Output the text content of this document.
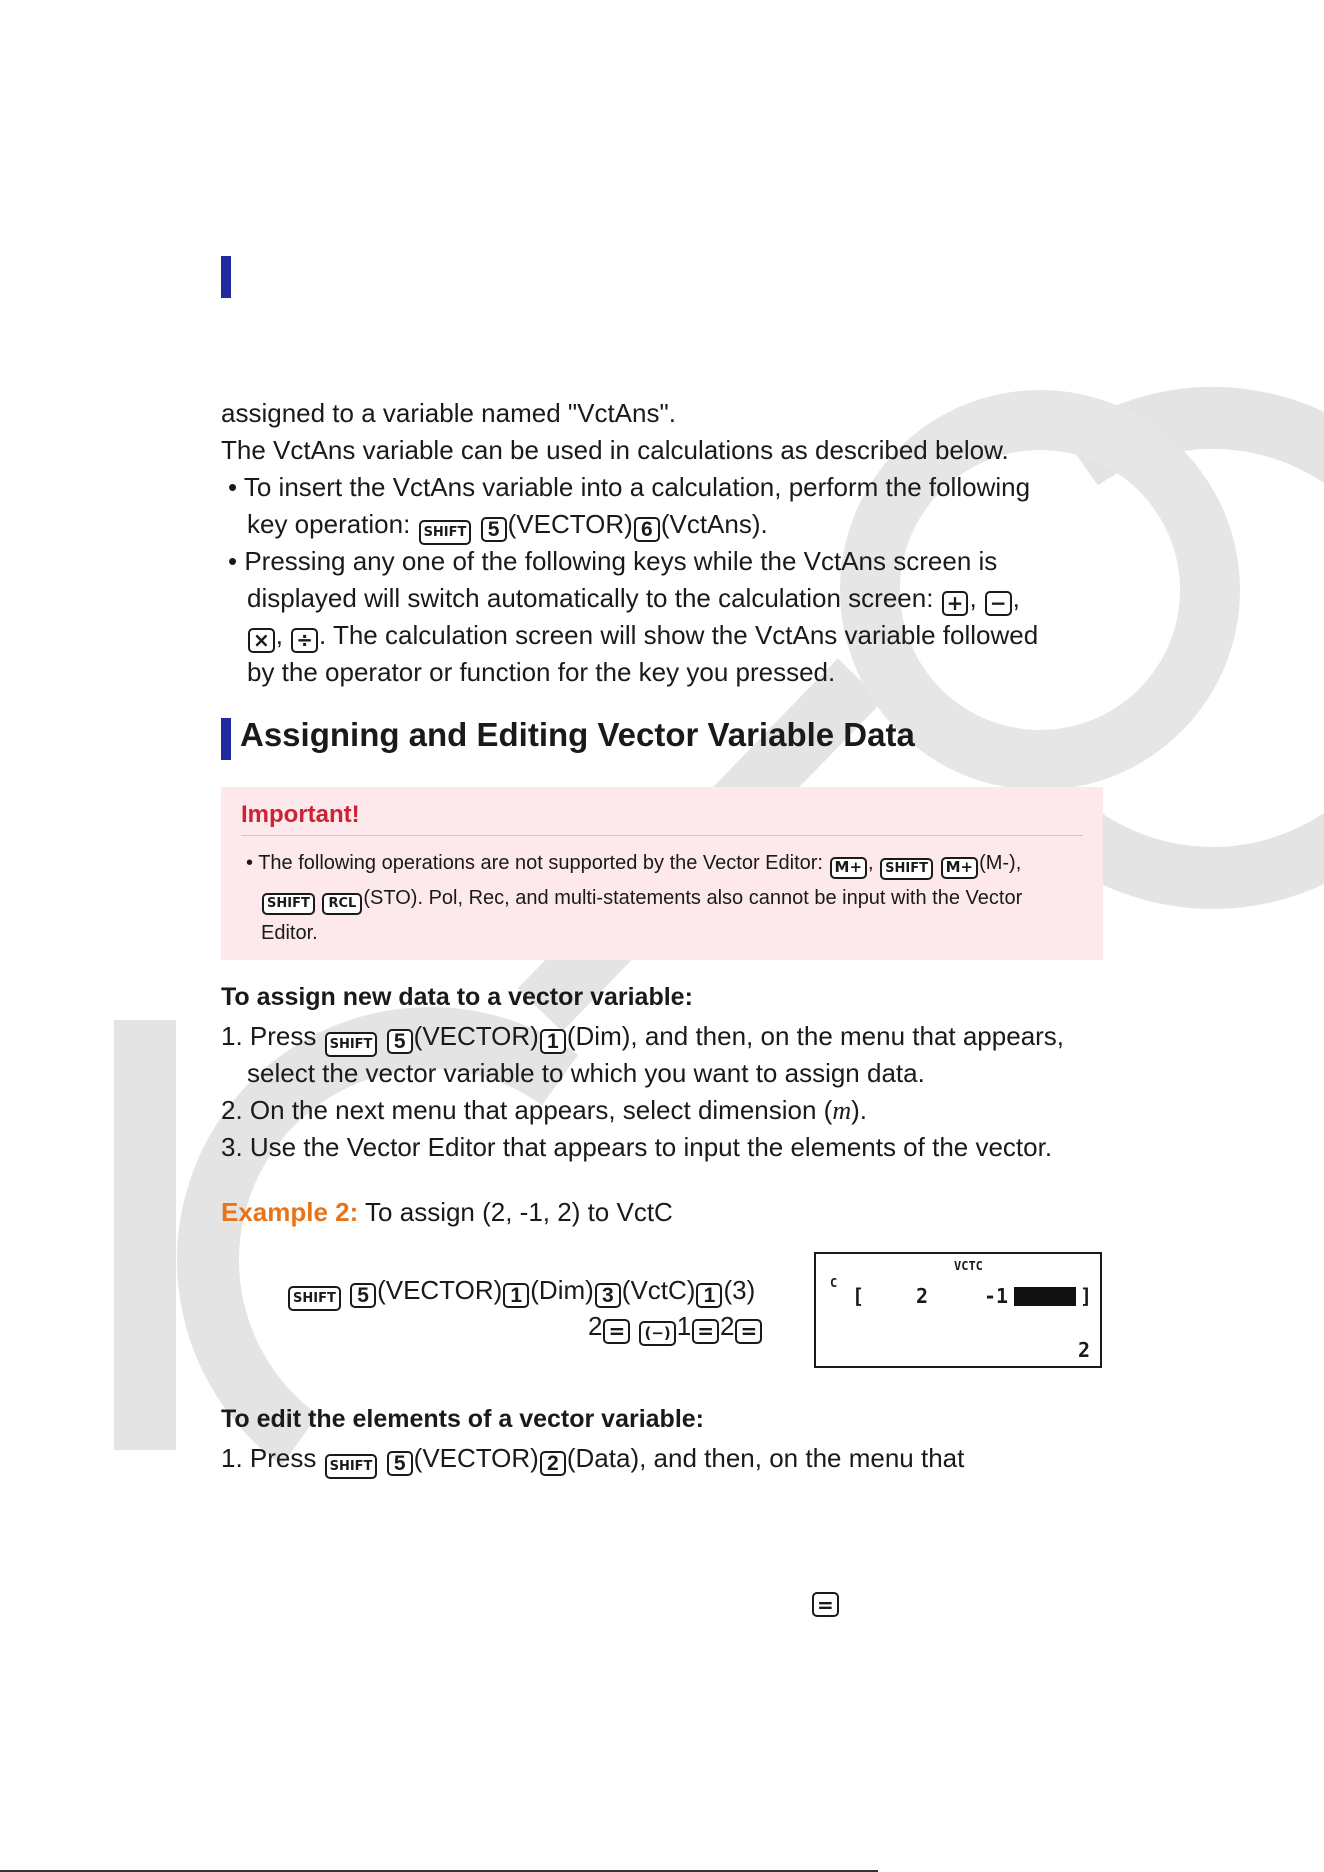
assigned to a variable named "VctAns".
The VctAns variable can be used in calculations as described below.
• To insert the VctAns variable into a calculation, perform the following
key operation: SHIFT 5 (VECTOR) 6 (VctAns).
• Pressing any one of the following keys while the VctAns screen is
displayed will switch automatically to the calculation screen: + , − ,
× , ÷ . The calculation screen will show the VctAns variable followed
by the operator or function for the key you pressed.
Assigning and Editing Vector Variable Data
Important!
• The following operations are not supported by the Vector Editor: M+ , SHIFT M+ (M-),
SHIFT RCL (STO). Pol, Rec, and multi-statements also cannot be input with the Vector
Editor.
To assign new data to a vector variable:
1. Press SHIFT 5 (VECTOR) 1 (Dim), and then, on the menu that appears,
select the vector variable to which you want to assign data.
2. On the next menu that appears, select dimension (m).
3. Use the Vector Editor that appears to input the elements of the vector.
Example 2: To assign (2, -1, 2) to VctC
SHIFT 5 (VECTOR) 1 (Dim) 3 (VctC) 1 (3)
2 = (−) 1 = 2 =
C
VCTC
[	2	-1	]
2
To edit the elements of a vector variable:
1. Press SHIFT 5 (VECTOR) 2 (Data), and then, on the menu that
=
